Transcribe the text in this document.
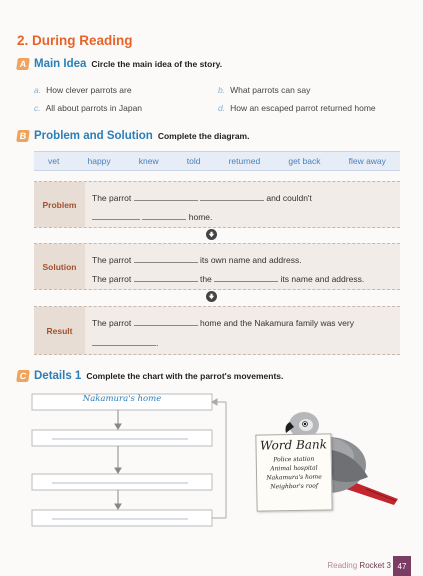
2. During Reading
A Main Idea Circle the main idea of the story.
a. How clever parrots are	b. What parrots can say
c. All about parrots in Japan	d. How an escaped parrot returned home
B Problem and Solution Complete the diagram.
vet	happy	knew	told	returned	get back	flew away
Problem
The parrot	and couldn't
home.
Solution
The parrot	its own name and address.
The parrot	the	its name and address.
Result
The parrot	home and the Nakamura family was very
.
C Details 1 Complete the chart with the parrot's movements.
Nakamura's home
Word Bank
Police station
Animal hospital
Nakamura's home
Neighbor's roof
Reading Rocket 3 47
